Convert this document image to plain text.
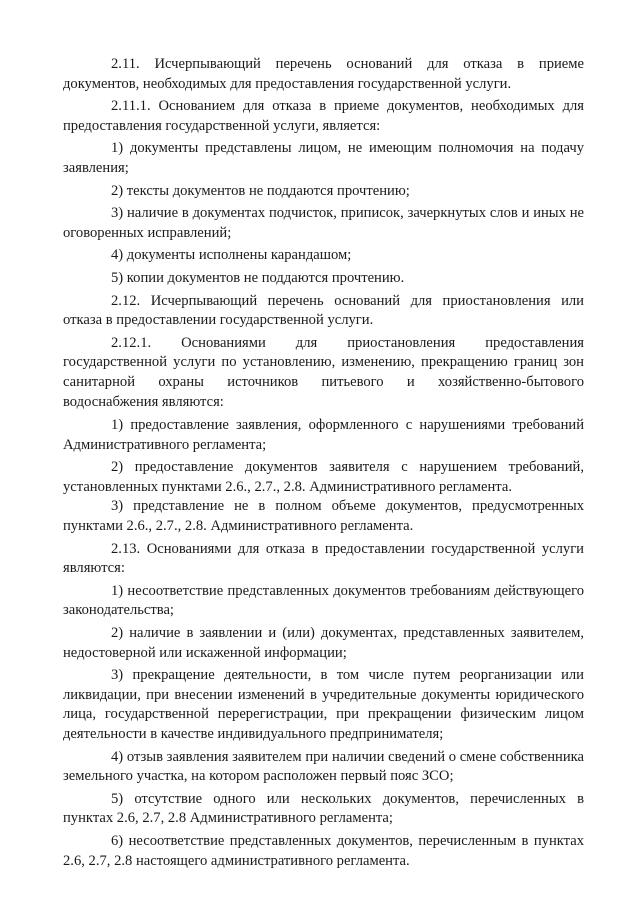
2.11. Исчерпывающий перечень оснований для отказа в приеме документов, необходимых для предоставления государственной услуги.

2.11.1. Основанием для отказа в приеме документов, необходимых для предоставления государственной услуги, является:

1) документы представлены лицом, не имеющим полномочия на подачу заявления;

2) тексты документов не поддаются прочтению;

3) наличие в документах подчисток, приписок, зачеркнутых слов и иных не оговоренных исправлений;

4) документы исполнены карандашом;

5) копии документов не поддаются прочтению.

2.12. Исчерпывающий перечень оснований для приостановления или отказа в предоставлении государственной услуги.

2.12.1. Основаниями для приостановления предоставления государственной услуги по установлению, изменению, прекращению границ зон санитарной охраны источников питьевого и хозяйственно-бытового водоснабжения являются:

1) предоставление заявления, оформленного с нарушениями требований Административного регламента;

2) предоставление документов заявителя с нарушением требований, установленных пунктами 2.6., 2.7., 2.8. Административного регламента.

3) представление не в полном объеме документов, предусмотренных пунктами 2.6., 2.7., 2.8. Административного регламента.

2.13. Основаниями для отказа в предоставлении государственной услуги являются:

1) несоответствие представленных документов требованиям действующего законодательства;

2) наличие в заявлении и (или) документах, представленных заявителем, недостоверной или искаженной информации;

3) прекращение деятельности, в том числе путем реорганизации или ликвидации, при внесении изменений в учредительные документы юридического лица, государственной перерегистрации, при прекращении физическим лицом деятельности в качестве индивидуального предпринимателя;

4) отзыв заявления заявителем при наличии сведений о смене собственника земельного участка, на котором расположен первый пояс ЗСО;

5) отсутствие одного или нескольких документов, перечисленных в пунктах 2.6, 2.7, 2.8 Административного регламента;

6) несоответствие представленных документов, перечисленным в пунктах 2.6, 2.7, 2.8 настоящего административного регламента.
